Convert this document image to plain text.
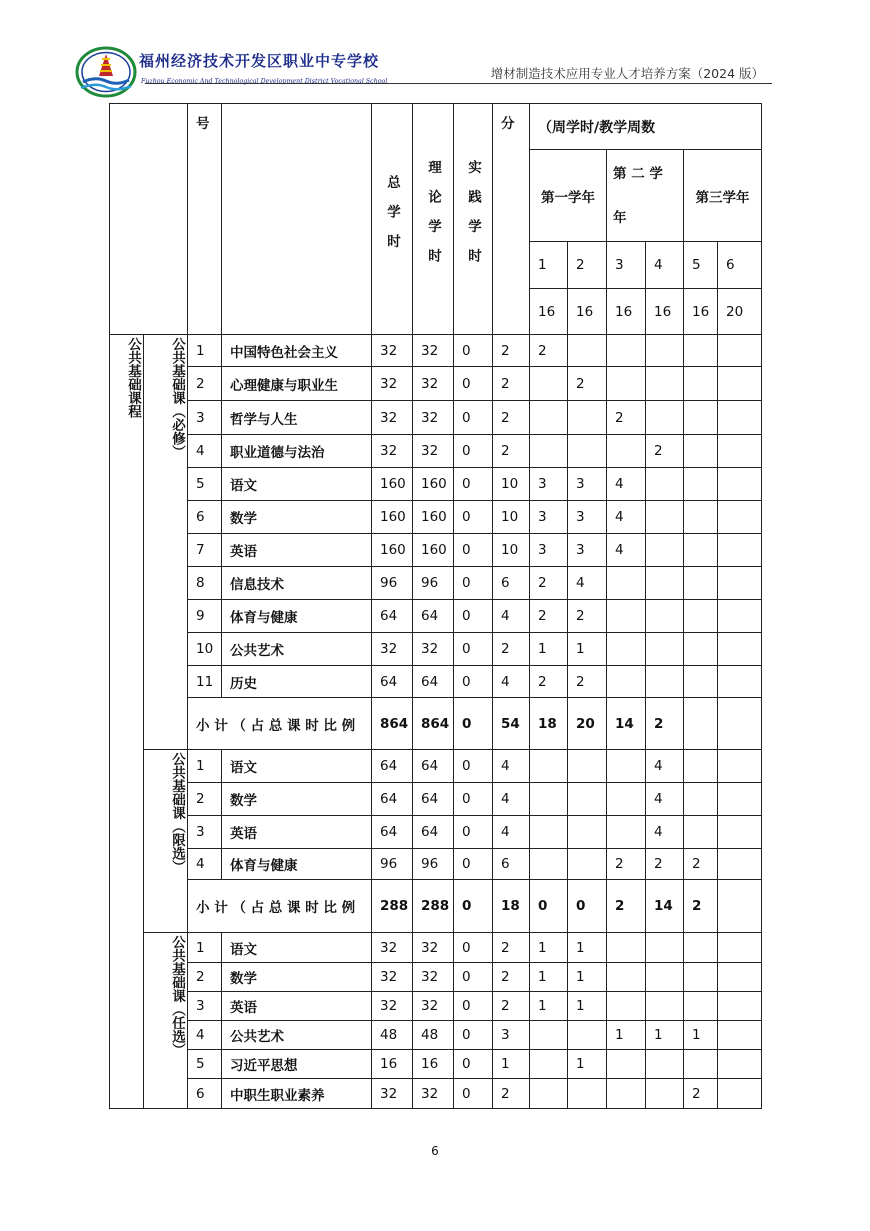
福州经济技术开发区职业中专学校
Fuzhou Economic And Technological Development District Vocational School
增材制造技术应用专业人才培养方案（2024 版）
		号		总学时	理论学时	实践学时	分	（周学时/教学周数					
								第一学年		第 二 学 年		第三学年	
								1	2	3	4	5	6
								16	16	16	16	16	20
公共基础课程	公共基础课（必修）	1	中国特色社会主义	32	32	0	2	2					
		2	心理健康与职业生	32	32	0	2		2				
		3	哲学与人生	32	32	0	2			2			
		4	职业道德与法治	32	32	0	2				2		
		5	语文	160	160	0	10	3	3	4			
		6	数学	160	160	0	10	3	3	4			
		7	英语	160	160	0	10	3	3	4			
		8	信息技术	96	96	0	6	2	4				
		9	体育与健康	64	64	0	4	2	2				
		10	公共艺术	32	32	0	2	1	1				
		11	历史	64	64	0	4	2	2				
		小 计 （ 占 总 课 时 比 例		864	864	0	54	18	20	14	2		
	公共基础课（限选）	1	语文	64	64	0	4				4		
		2	数学	64	64	0	4				4		
		3	英语	64	64	0	4				4		
		4	体育与健康	96	96	0	6			2	2	2	
		小 计 （ 占 总 课 时 比 例		288	288	0	18	0	0	2	14	2	
	公共基础课（任选）	1	语文	32	32	0	2	1	1				
		2	数学	32	32	0	2	1	1				
		3	英语	32	32	0	2	1	1				
		4	公共艺术	48	48	0	3			1	1	1	
		5	习近平思想	16	16	0	1		1				
		6	中职生职业素养	32	32	0	2					2	
6
